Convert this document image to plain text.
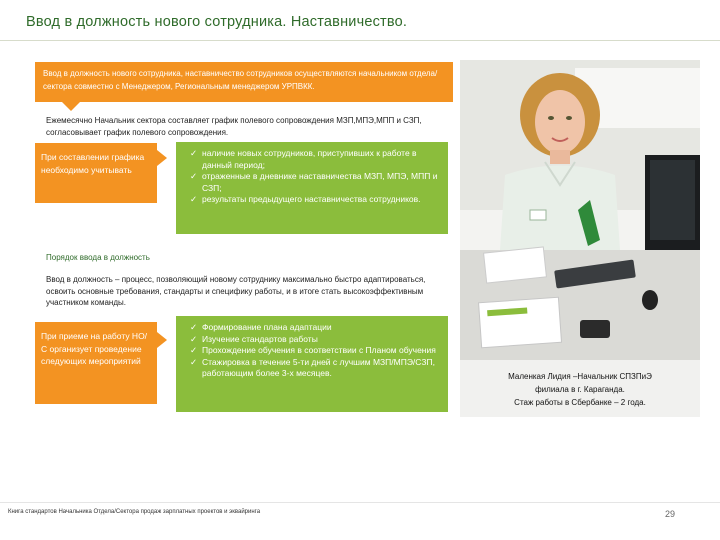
Ввод в должность нового сотрудника. Наставничество.
Ввод в должность нового сотрудника, наставничество сотрудников осуществляются начальником отдела/сектора совместно с Менеджером, Региональным менеджером УРПВКК.
Ежемесячно Начальник сектора составляет график полевого сопровождения МЗП,МПЭ,МПП и СЗП, согласовывает график полевого сопровождения.
При составлении графика необходимо учитывать
✓ наличие новых сотрудников, приступивших к работе в данный период;
✓ отраженные в дневнике наставничества МЗП, МПЭ, МПП и СЗП;
✓ результаты предыдущего наставничества сотрудников.
Порядок ввода в должность
Ввод в должность – процесс, позволяющий новому сотруднику максимально быстро адаптироваться, освоить основные требования, стандарты и специфику работы, и в итоге стать высокоэффективным участником команды.
При приеме на работу НО/С организует проведение следующих мероприятий
✓ Формирование плана адаптации
✓ Изучение стандартов работы
✓ Прохождение обучения в соответствии с Планом обучения
✓ Стажировка в течение 5-ти дней с лучшим МЗП/МПЭ/СЗП, работающим более 3-х месяцев.	Маленкая Лидия –Начальник СПЗПиЭ
филиала в г. Караганда.
Стаж работы в Сбербанке – 2 года.
Книга стандартов Начальника Отдела/Сектора продаж зарплатных проектов и эквайринга	29
